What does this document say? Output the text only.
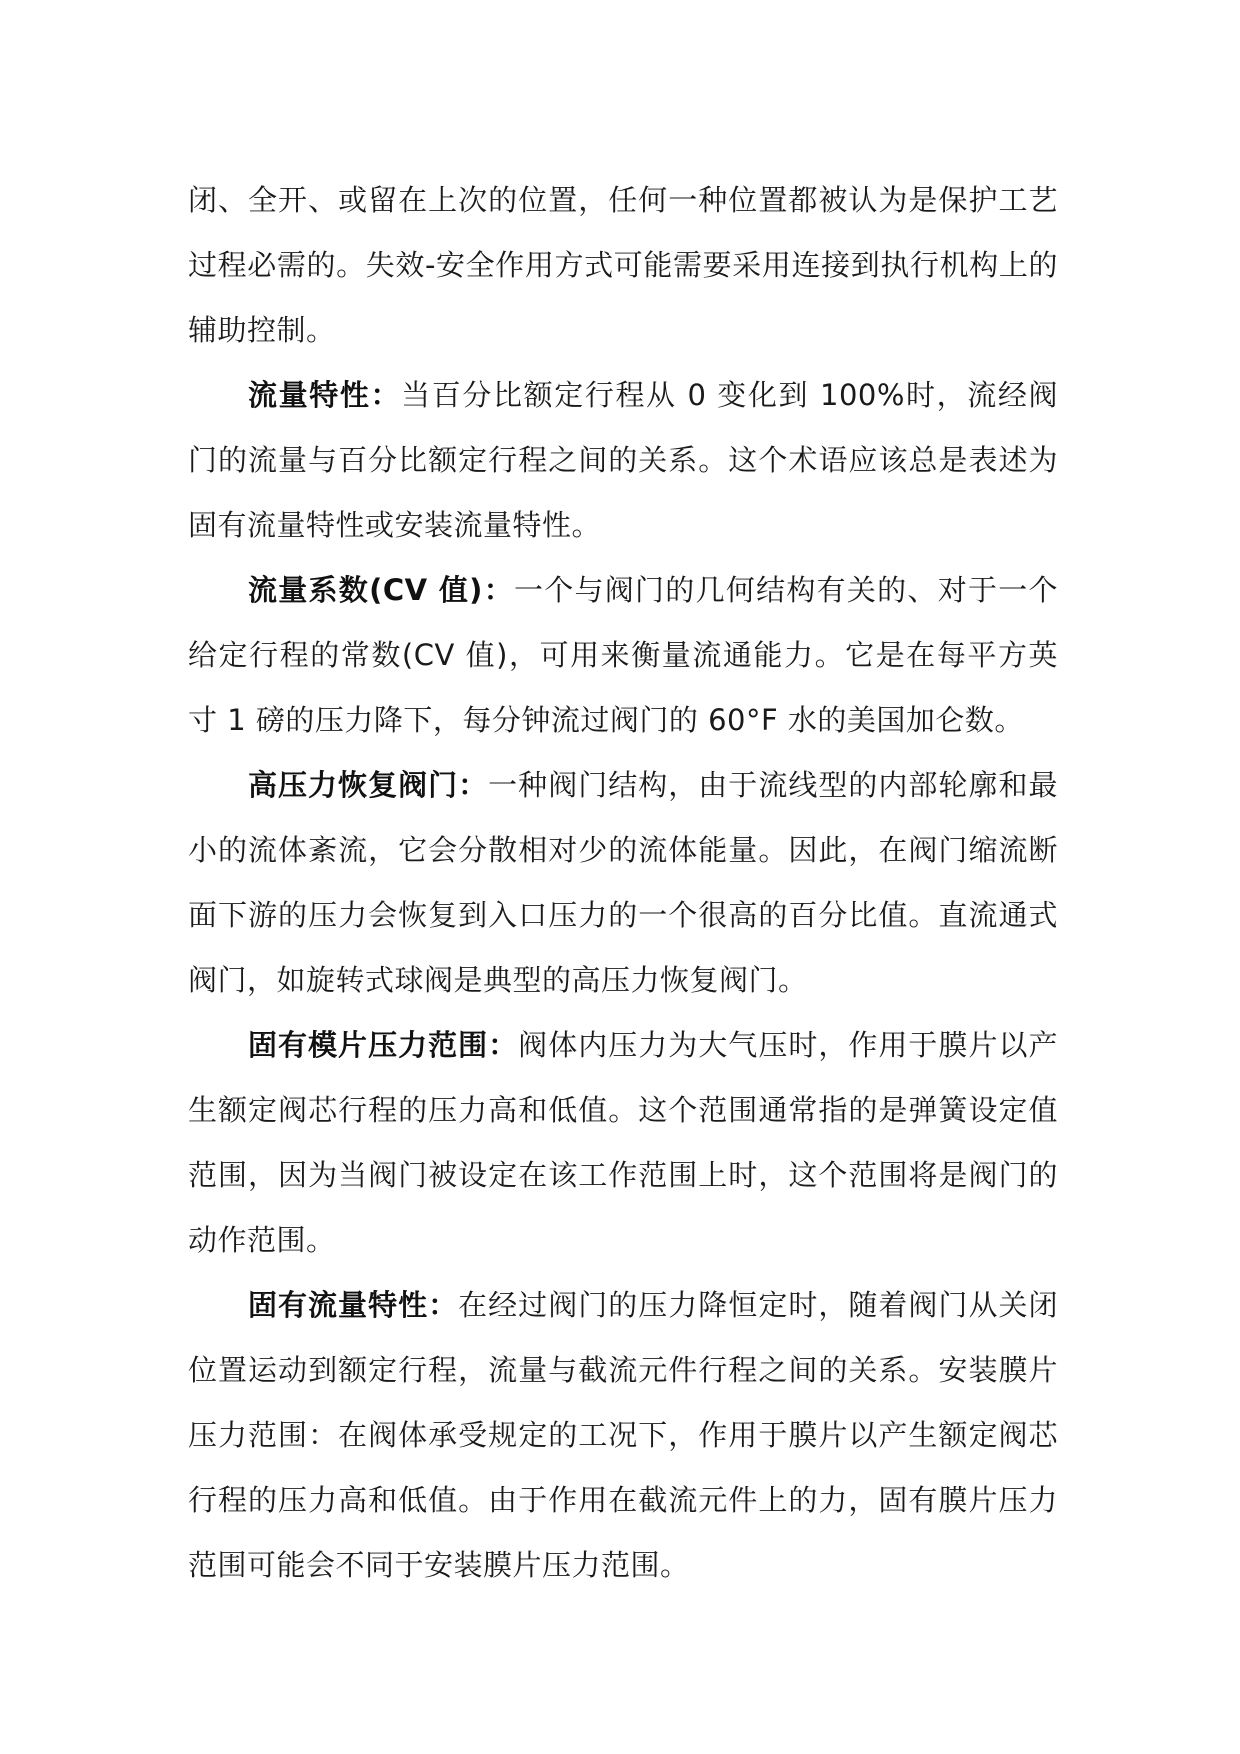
闭、全开、或留在上次的位置，任何一种位置都被认为是保护工艺过程必需的。失效-安全作用方式可能需要采用连接到执行机构上的辅助控制。

流量特性：当百分比额定行程从 0 变化到 100%时，流经阀门的流量与百分比额定行程之间的关系。这个术语应该总是表述为固有流量特性或安装流量特性。

流量系数(CV 值)：一个与阀门的几何结构有关的、对于一个给定行程的常数(CV 值)，可用来衡量流通能力。它是在每平方英寸 1 磅的压力降下，每分钟流过阀门的 60°F 水的美国加仑数。

高压力恢复阀门：一种阀门结构，由于流线型的内部轮廓和最小的流体紊流，它会分散相对少的流体能量。因此，在阀门缩流断面下游的压力会恢复到入口压力的一个很高的百分比值。直流通式阀门，如旋转式球阀是典型的高压力恢复阀门。

固有模片压力范围：阀体内压力为大气压时，作用于膜片以产生额定阀芯行程的压力高和低值。这个范围通常指的是弹簧设定值范围，因为当阀门被设定在该工作范围上时，这个范围将是阀门的动作范围。

固有流量特性：在经过阀门的压力降恒定时，随着阀门从关闭位置运动到额定行程，流量与截流元件行程之间的关系。安装膜片压力范围：在阀体承受规定的工况下，作用于膜片以产生额定阀芯行程的压力高和低值。由于作用在截流元件上的力，固有膜片压力范围可能会不同于安装膜片压力范围。
